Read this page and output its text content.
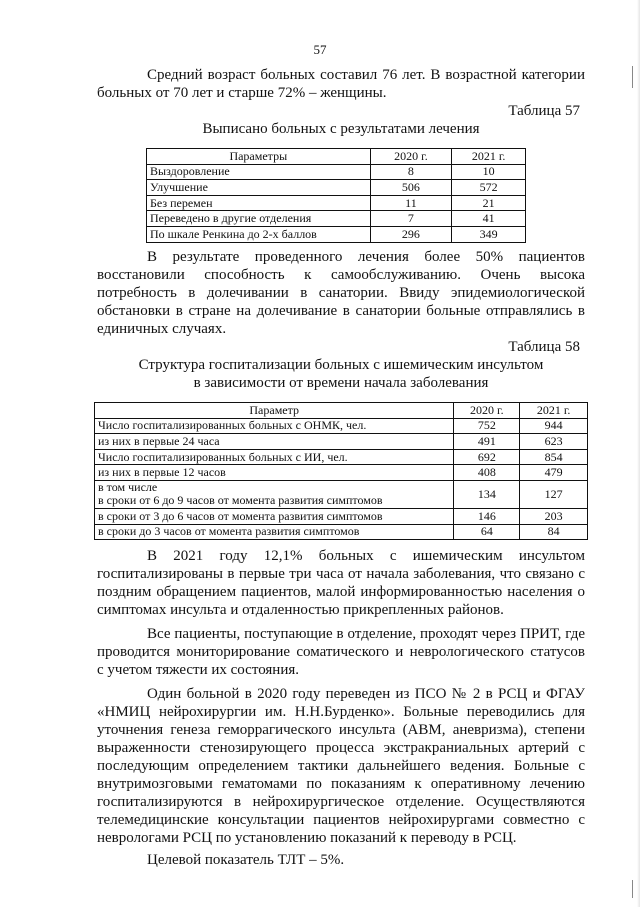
57

Средний возраст больных составил 76 лет. В возрастной категории

больных от 70 лет и старше 72% – женщины.

Таблица 57

Выписано больных с результатами лечения

Параметры	2020 г.	2021 г.
Выздоровление	8	10
Улучшение	506	572
Без перемен	11	21
Переведено в другие отделения	7	41
По шкале Ренкина до 2-х баллов	296	349

В результате проведенного лечения более 50% пациентов

восстановили способность к самообслуживанию. Очень высока

потребность в долечивании в санатории. Ввиду эпидемиологической

обстановки в стране на долечивание в санатории больные отправлялись в

единичных случаях.

Таблица 58

Структура госпитализации больных с ишемическим инсультом

в зависимости от времени начала заболевания

Параметр	2020 г.	2021 г.
Число госпитализированных больных с ОНМК, чел.	752	944
из них в первые 24 часа	491	623
Число госпитализированных больных с ИИ, чел.	692	854
из них в первые 12 часов	408	479

в том числе
в сроки от 6 до 9 часов от момента развития симптомов	134	127
в сроки от 3 до 6 часов от момента развития симптомов	146	203
в сроки до 3 часов от момента развития симптомов	64	84

В 2021 году 12,1% больных с ишемическим инсультом

госпитализированы в первые три часа от начала заболевания, что связано с

поздним обращением пациентов, малой информированностью населения о

симптомах инсульта и отдаленностью прикрепленных районов.

Все пациенты, поступающие в отделение, проходят через ПРИТ, где

проводится мониторирование соматического и неврологического статусов

с учетом тяжести их состояния.

Один больной в 2020 году переведен из ПСО № 2 в РСЦ и ФГАУ

«НМИЦ нейрохирургии им. Н.Н.Бурденко». Больные переводились для

уточнения генеза геморрагического инсульта (АВМ, аневризма), степени

выраженности стенозирующего процесса экстракраниальных артерий с

последующим определением тактики дальнейшего ведения. Больные с

внутримозговыми гематомами по показаниям к оперативному лечению

госпитализируются в нейрохирургическое отделение. Осуществляются

телемедицинские консультации пациентов нейрохирургами совместно с

неврологами РСЦ по установлению показаний к переводу в РСЦ.

Целевой показатель ТЛТ – 5%.
